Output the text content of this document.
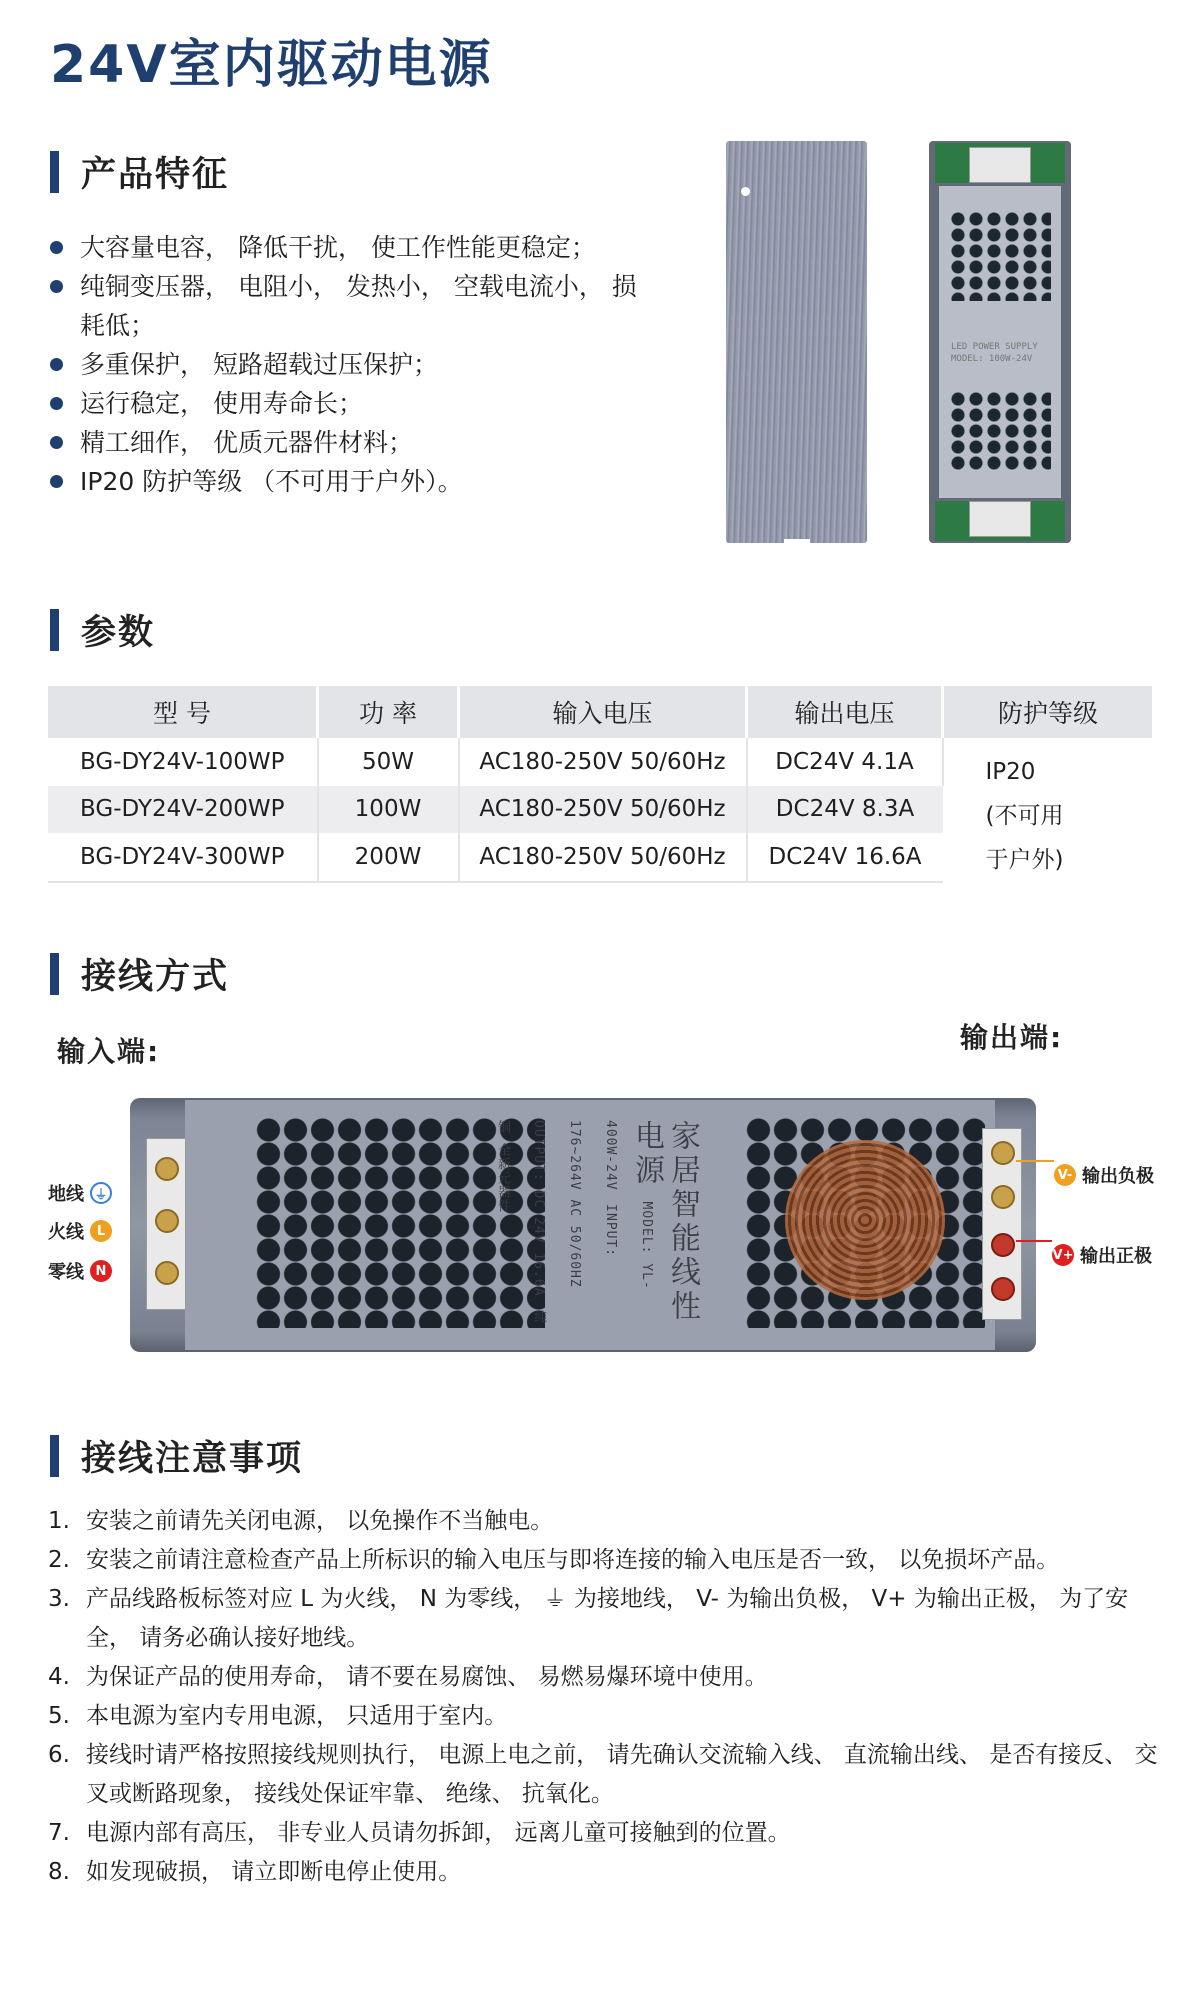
24V室内驱动电源
产品特征
大容量电容， 降低干扰， 使工作性能更稳定；
纯铜变压器， 电阻小， 发热小， 空载电流小， 损耗低；
多重保护， 短路超载过压保护；
运行稳定， 使用寿命长；
精工细作， 优质元器件材料；
IP20 防护等级 （不可用于户外）。
LED POWER SUPPLY
MODEL: 100W-24V
参数
型 号	功 率	输入电压	输出电压	防护等级
BG-DY24V-100WP	50W	AC180-250V 50/60Hz	DC24V 4.1A	IP20
(不可用
于户外)

BG-DY24V-200WP	100W	AC180-250V 50/60Hz	DC24V 8.3A	
BG-DY24V-300WP	200W	AC180-250V 50/60Hz	DC24V 16.6A	
接线方式
输入端:	输出端:
家居智能线性电源 MODEL: YL-400W-24V INPUT: 176~264V AC 50/60HZ OUTPUT: DC 24V 16.6A 纯铜 全新元器件
地线 ⏚
火线 L
零线 N
V- 输出负极
V+ 输出正极
接线注意事项
1. 安装之前请先关闭电源， 以免操作不当触电。
2. 安装之前请注意检查产品上所标识的输入电压与即将连接的输入电压是否一致， 以免损坏产品。
3. 产品线路板标签对应 L 为火线， N 为零线， ⏚ 为接地线， V- 为输出负极， V+ 为输出正极， 为了安全， 请务必确认接好地线。
4. 为保证产品的使用寿命， 请不要在易腐蚀、 易燃易爆环境中使用。
5. 本电源为室内专用电源， 只适用于室内。
6. 接线时请严格按照接线规则执行， 电源上电之前， 请先确认交流输入线、 直流输出线、 是否有接反、 交叉或断路现象， 接线处保证牢靠、 绝缘、 抗氧化。
7. 电源内部有高压， 非专业人员请勿拆卸， 远离儿童可接触到的位置。
8. 如发现破损， 请立即断电停止使用。
